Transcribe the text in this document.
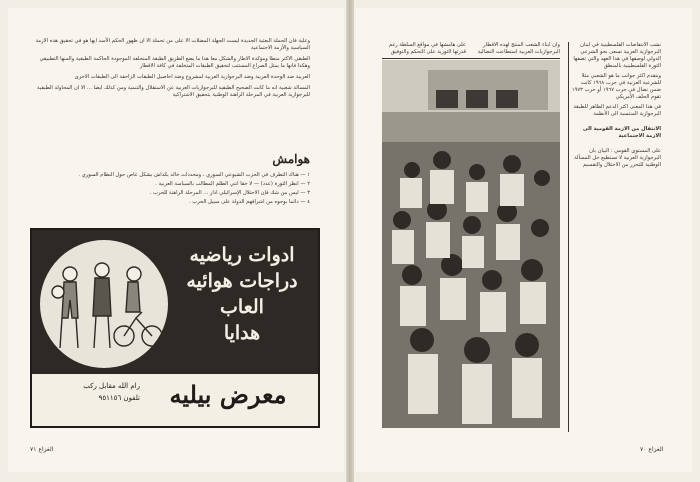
وعلية فان الحملة البعثية الجديدة ليست الجهلة المضلات الا على من تحملة الا ان ظهور الحكم الأسد ايها هو في تحقيق هذه الازمة السياسية والأزمة الاجتماعية

الطبقي الاكثر منطا ومؤكدة الاطار والشكل معا هذا ما يضع الطريق الطبقة المتخلفة الموجودة الحاكمة الطبقية والمنها التطبيقي وهكذا فانها ما يمثل الصراع المستتب لتحقيق الطبقات المتخلفة في كافة الاقطار

العربية ضد الوحدة العربية وضد البرجوازية العربية لمشروع وضد احاصيل الطبقات الزاحفة الى الطبقات الاخرى

المسالة شعبية انه ما كانت الصحيح الطبقية للبرجوازيات العربية عن الاستقلال والتنمية ومن كذلك ايضا ... الا ان المحاولة الطبقية للبرجوازية العربية في المرحلة الراهنة الوطنية بتحقيق الاشتراكية

هوامش

١ — هناك التطرف في الحزب الشيوعي السوري ، ومحددات خالد بكداش بشكل عاص حول النظام السوري .

٢ — انظر الثورة (عدد) — لا حقا انتي الظلم المطالب بالسياسة العربية .

٣ — ليس من شك فإن الاحتلال الإسرائيلي اذار ... المرحلة الراهنة للحرب .

٤ — دائما بوجوه من اشرافهم الدولة على سبيل الحرب .

ادوات رياضيه
دراجات هوائيه
العاب
هدايا
رام الله مقابل ركب
تلفون ٩٥١١٥٦	معرض بيليه
الغزاع ٧١
على هامشها في مواقع السلطة رغم قدرتها الثورية على التحكم والتوفيق
وان ابناء الشعب المنتج لهذه الاقطار البرجوازيات العربية استطاعت النضالية

نشب الانتفاضات الفلسطينية في لبنان البرجوازية العربية تسعى نحو الشرعي الدولي لوصفها في هذا العهد والتي تصفها الثورة الفلسطينية بالمنطق

ويتقدم اكثر جوانب ما هو الشعبي مثلا للشرعية العربية في حرب ١٩٦٨ كانت ضمن نضال في حرب ١٩٦٧ أو حرب ١٩٧٣ تقوم الحلف الأمريكي

في هذا المعنى اكثر الدعم الظاهر للطبقة البرجوازية المنتسبة الى الأنظمة

الانتقال من الازمة القومية الى الازمة الاجتماعية

على المستوى القومي : البيان بان البرجوازية العربية لا تستطيع حل المسألة الوطنية للتحرر من الاحتلال والتقسيم

الغزاع ٧٠
